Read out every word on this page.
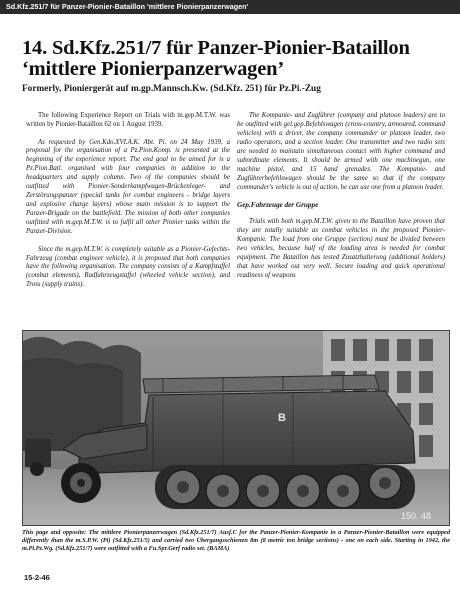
Sd.Kfz.251/7 für Panzer-Pionier-Bataillon 'mittlere Pionierpanzerwagen'
14. Sd.Kfz.251/7 für Panzer-Pionier-Bataillon
‘mittlere Pionierpanzerwagen’
Formerly, Pioniergerät auf m.gp.Mannsch.Kw. (Sd.Kfz. 251) für Pz.Pi.-Zug

The following Experience Report on Trials with m.gep.M.T.W. was written by Pionier-Bataillon 62 on 1 August 1939.

As requested by Gen.Kdo.XVI.A.K. Abt. Pi. on 24 May 1939, a proposal for the organisation of a Pz.Pion.Komp. is presented at the beginning of the experience report. The end goal to be aimed for is a Pz.Pion.Batl. organised with four companies in addition to the headquarters and supply column. Two of the companies should be outfitted with Pionier-Sonderkampfwagen-Brückenleger- and Zerstörungspanzer (special tanks for combat engineers - bridge layers and explosive charge layers) whose main mission is to support the Panzer-Brigade on the battlefield. The mission of both other companies outfitted with m.gep.M.T.W. is to fulfil all other Pionier tasks within the Panzer-Division.

Since the m.gep.M.T.W. is completely suitable as a Pionier-Gefechts-Fahrzeug (combat engineer vehicle), it is proposed that both companies have the following organisation. The company consists of a Kampfstaffel (combat elements), Radfahrzeugstaffel (wheeled vehicle section), and Tross (supply trains).

The Kompanie- and Zugführer (company and platoon leaders) are to be outfitted with gel.gep.Befehlswagen (cross-country, armoured, command vehicles) with a driver, the company commander or platoon leader, two radio operators, and a section leader. One transmitter and two radio sets are needed to maintain simultaneous contact with higher command and subordinate elements. It should be armed with one machinegun, one machine pistol, and 15 hand grenades. The Kompanie- and Zugführerbefehlswagen should be the same so that if the company commander's vehicle is out of action, he can use one from a platoon leader.

Gep.Fahrzeuge der Gruppe

Trials with both m.gep.M.T.W. given to the Bataillon have proven that they are totally suitable as combat vehicles in the proposed Pionier-Kompanie. The load from one Gruppe (section) must be divided between two vehicles, because half of the loading area is needed for combat equipment. The Bataillon has tested Zusatzhalterung (additional holders) that have worked out very well. Secure loading and quick operational readiness of weapons

B
150. 48
This page and opposite: The mittlere Pionierpanzerwagen (Sd.Kfz.251/7) Ausf.C for the Panzer-Pionier-Kompanie in a Panzer-Pionier-Bataillon were equipped differently than the m.S.P.W. (Pi) (Sd.Kfz.251/5) and carried two Übergangsschienen 8m (8 metric ton bridge sections) - one on each side. Starting in 1942, the m.Pi.Pz.Wg. (Sd.Kfz.251/7) were outfitted with a Fu.Spr.Gerf radio set. (BAMA)
15-2-46
